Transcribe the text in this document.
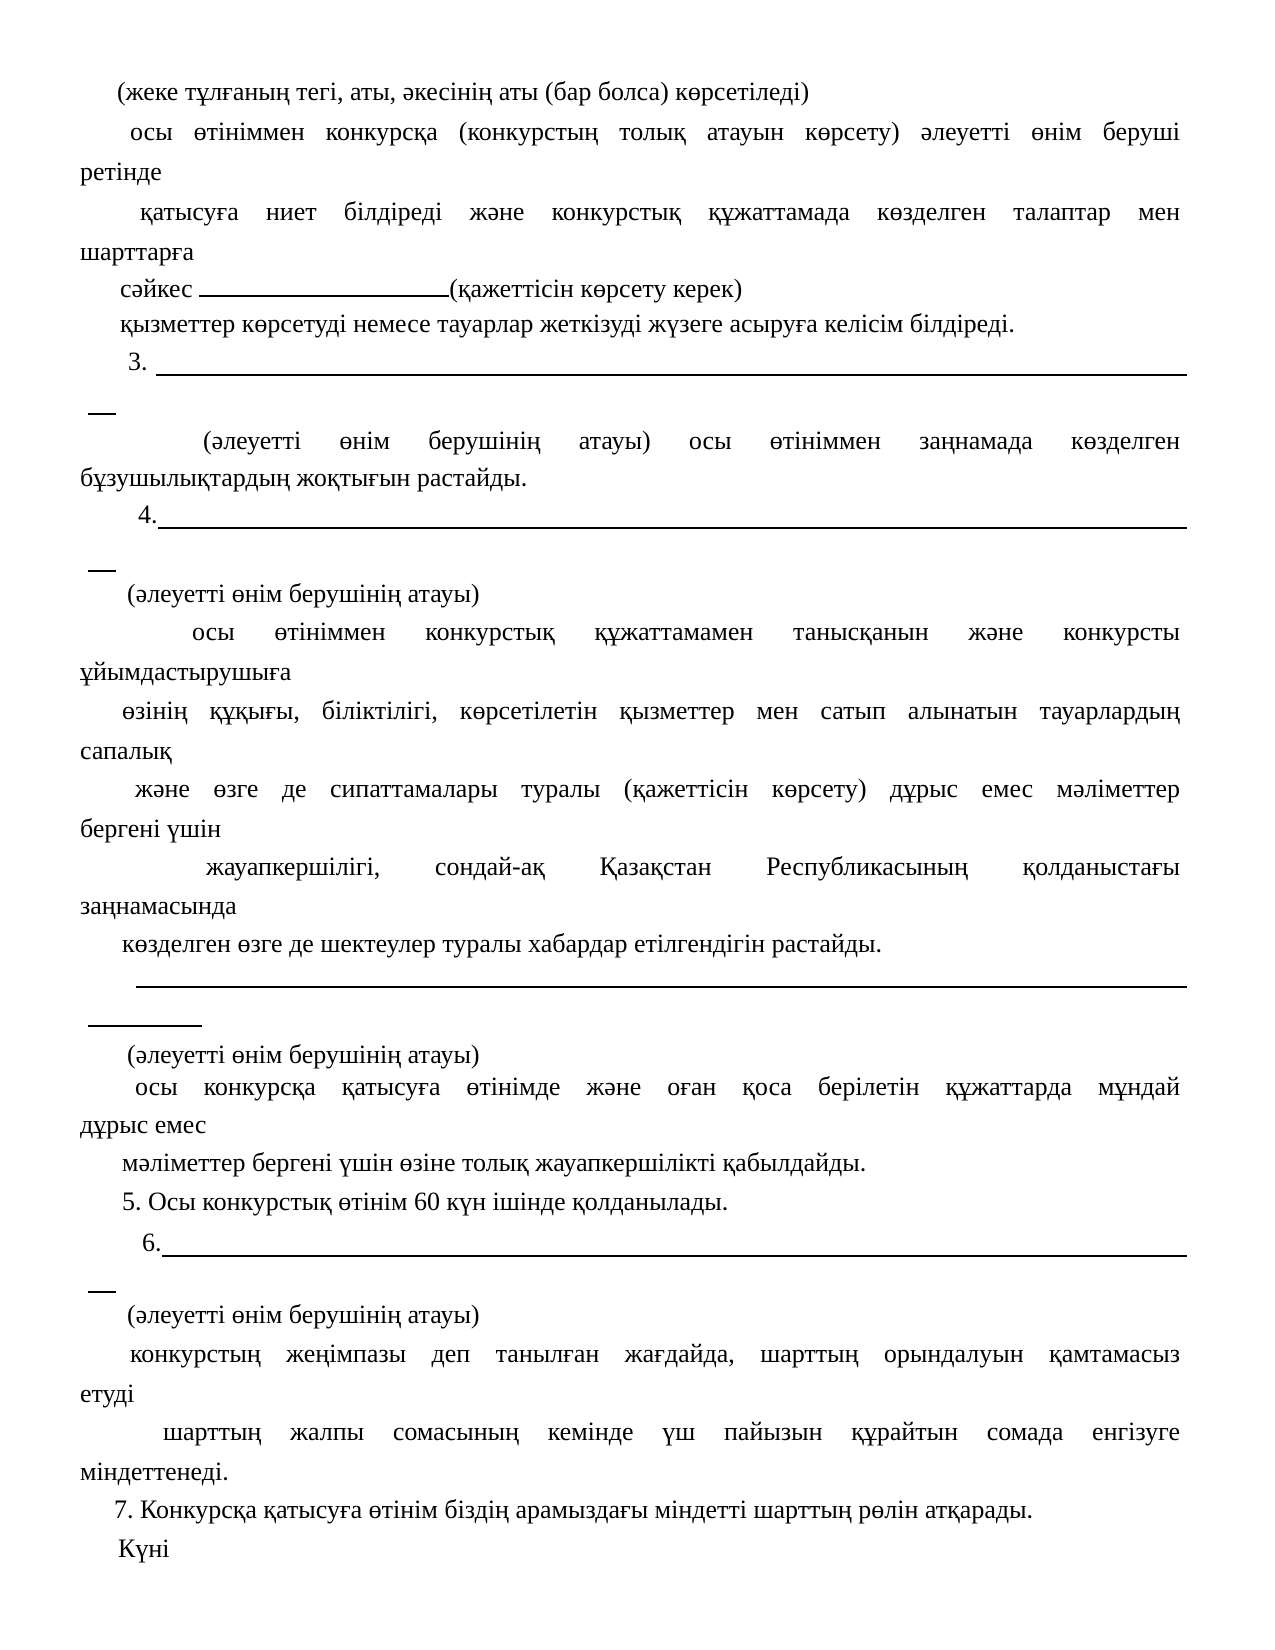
(жеке тұлғаның тегі, аты, әкесінің аты (бар болса) көрсетіледі)
осы өтініммен конкурсқа (конкурстың толық атауын көрсету) әлеуетті өнім беруші
ретінде
қатысуға ниет білдіреді және конкурстық құжаттамада көзделген талаптар мен
шарттарға
сәйкес	(қажеттісін көрсету керек)
қызметтер көрсетуді немесе тауарлар жеткізуді жүзеге асыруға келісім білдіреді.
3.
(әлеуетті өнім берушінің атауы) осы өтініммен заңнамада көзделген
бұзушылықтардың жоқтығын растайды.
4.
(әлеуетті өнім берушінің атауы)
осы өтініммен конкурстық құжаттамамен танысқанын және конкурсты
ұйымдастырушыға
өзінің құқығы, біліктілігі, көрсетілетін қызметтер мен сатып алынатын тауарлардың
сапалық
және өзге де сипаттамалары туралы (қажеттісін көрсету) дұрыс емес мәліметтер
бергені үшін
жауапкершілігі, сондай-ақ Қазақстан Республикасының қолданыстағы
заңнамасында
көзделген өзге де шектеулер туралы хабардар етілгендігін растайды.
(әлеуетті өнім берушінің атауы)
осы конкурсқа қатысуға өтінімде және оған қоса берілетін құжаттарда мұндай
дұрыс емес
мәліметтер бергені үшін өзіне толық жауапкершілікті қабылдайды.
5. Осы конкурстық өтінім 60 күн ішінде қолданылады.
6.
(әлеуетті өнім берушінің атауы)
конкурстың жеңімпазы деп танылған жағдайда, шарттың орындалуын қамтамасыз
етуді
шарттың жалпы сомасының кемінде үш пайызын құрайтын сомада енгізуге
міндеттенеді.
7. Конкурсқа қатысуға өтінім біздің арамыздағы міндетті шарттың рөлін атқарады.
Күні
